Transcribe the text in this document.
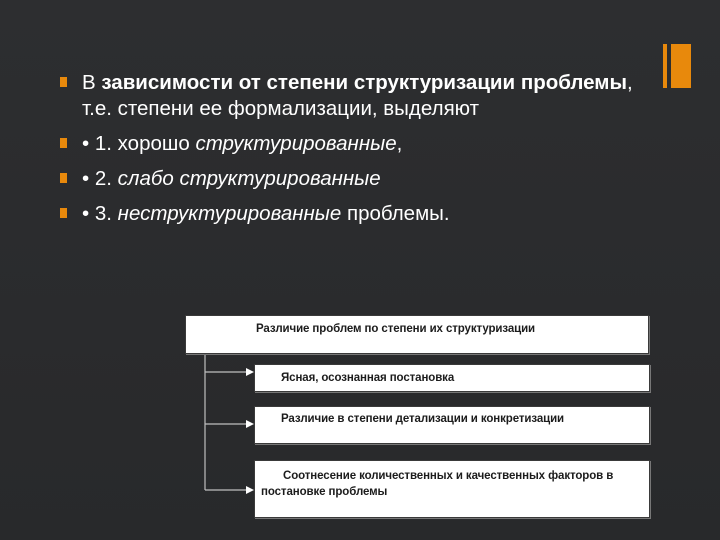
В зависимости от степени структуризации проблемы, т.е. степени ее формализации, выделяют
• 1. хорошо структурированные,
• 2. слабо структурированные
• 3. неструктурированные проблемы.
Различие проблем по степени их структуризации
Ясная, осознанная постановка
Различие в степени детализации и конкретизации
Соотнесение количественных и качественных факторов в постановке проблемы
